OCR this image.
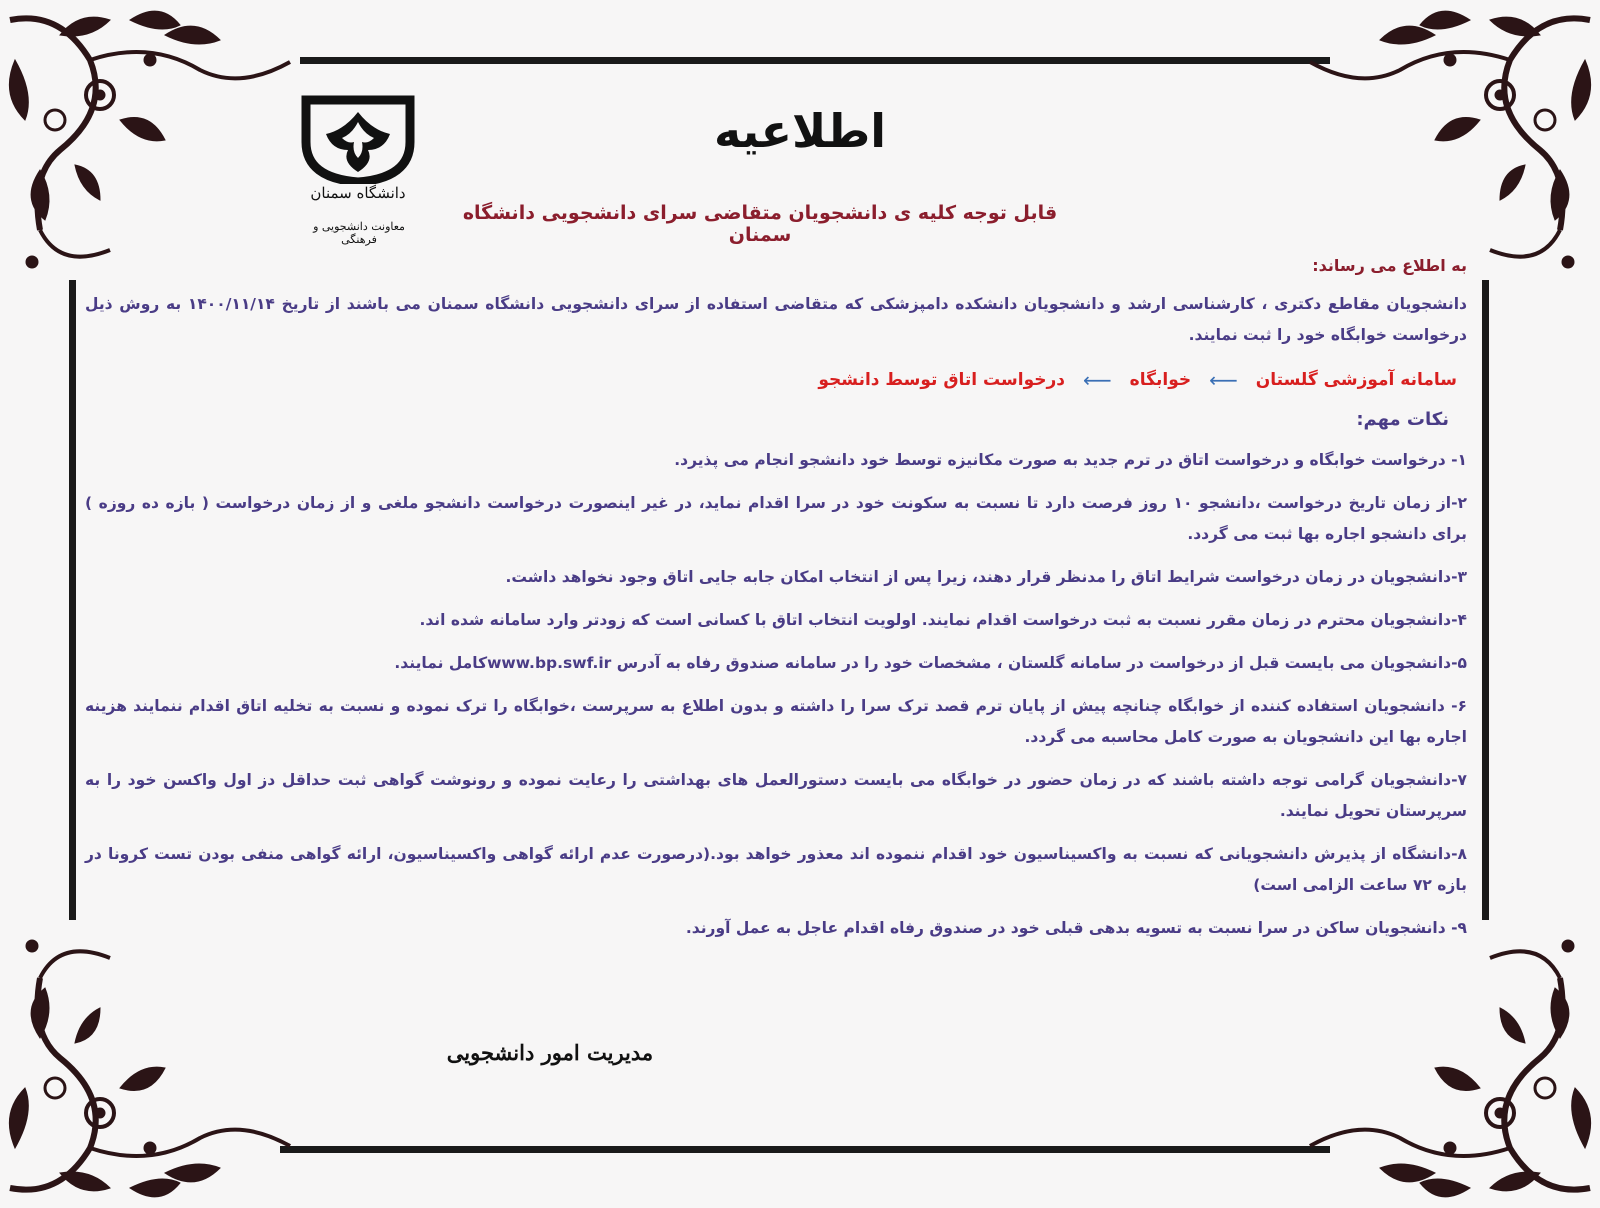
دانشگاه سمنان
معاونت دانشجویی و فرهنگی
اطلاعیه
قابل توجه کلیه ی دانشجویان متقاضی سرای دانشجویی دانشگاه سمنان

به اطلاع می رساند:

دانشجویان مقاطع دکتری ، کارشناسی ارشد و دانشجویان دانشکده دامپزشکی که متقاضی استفاده از سرای دانشجویی دانشگاه سمنان می باشند از تاریخ ۱۴۰۰/۱۱/۱۴ به روش ذیل درخواست خوابگاه خود را ثبت نمایند.

سامانه آموزشی گلستان
⟵
خوابگاه
⟵
درخواست اتاق توسط دانشجو

نکات مهم:

۱- درخواست خوابگاه و درخواست اتاق در ترم جدید به صورت مکانیزه توسط خود دانشجو انجام می پذیرد.

۲-از زمان تاریخ درخواست ،دانشجو ۱۰ روز فرصت دارد تا نسبت به سکونت خود در سرا اقدام نماید، در غیر اینصورت درخواست دانشجو ملغی و از زمان درخواست ( بازه ده روزه ) برای دانشجو اجاره بها ثبت می گردد.

۳-دانشجویان در زمان درخواست شرایط اتاق را مدنظر قرار دهند، زیرا پس از انتخاب امکان جابه جایی اتاق وجود نخواهد داشت.

۴-دانشجویان محترم در زمان مقرر نسبت به ثبت درخواست اقدام نمایند. اولویت انتخاب اتاق با کسانی است که زودتر وارد سامانه شده اند.

۵-دانشجویان می بایست قبل از درخواست در سامانه گلستان ، مشخصات خود را در سامانه صندوق رفاه به آدرس www.bp.swf.irکامل نمایند.

۶- دانشجویان استفاده کننده از خوابگاه چنانچه پیش از پایان ترم قصد ترک سرا را داشته و بدون اطلاع به سرپرست ،خوابگاه را ترک نموده و نسبت به تخلیه اتاق اقدام ننمایند هزینه اجاره بها این دانشجویان به صورت کامل محاسبه می گردد.

۷-دانشجویان گرامی توجه داشته باشند که در زمان حضور در خوابگاه می بایست دستورالعمل های بهداشتی را رعایت نموده و رونوشت گواهی ثبت حداقل دز اول واکسن خود را به سرپرستان تحویل نمایند.

۸-دانشگاه از پذیرش دانشجویانی که نسبت به واکسیناسیون خود اقدام ننموده اند معذور خواهد بود.(درصورت عدم ارائه گواهی واکسیناسیون، ارائه گواهی منفی بودن تست کرونا در بازه ۷۲ ساعت الزامی است)

۹- دانشجویان ساکن در سرا نسبت به تسویه بدهی قبلی خود در صندوق رفاه اقدام عاجل به عمل آورند.

مدیریت امور دانشجویی
